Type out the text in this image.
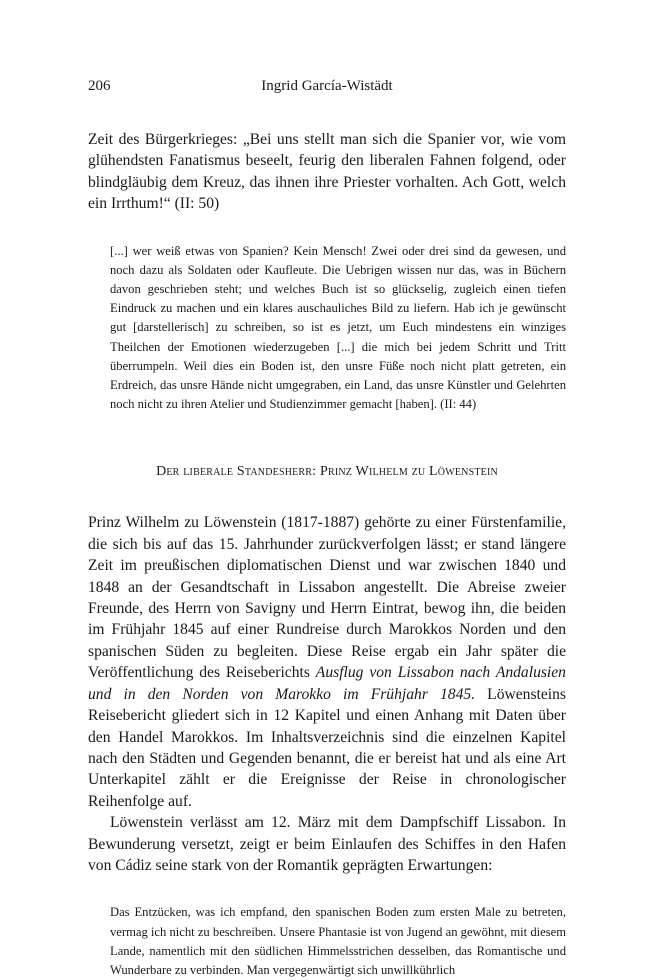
206	Ingrid García-Wistädt

Zeit des Bürgerkrieges: „Bei uns stellt man sich die Spanier vor, wie vom glühendsten Fanatismus beseelt, feurig den liberalen Fahnen folgend, oder blindgläubig dem Kreuz, das ihnen ihre Priester vorhalten. Ach Gott, welch ein Irrthum!“ (II: 50)

[...] wer weiß etwas von Spanien? Kein Mensch! Zwei oder drei sind da gewesen, und noch dazu als Soldaten oder Kaufleute. Die Uebrigen wissen nur das, was in Büchern davon geschrieben steht; und welches Buch ist so glückselig, zugleich einen tiefen Eindruck zu machen und ein klares auschauliches Bild zu liefern. Hab ich je gewünscht gut [darstellerisch] zu schreiben, so ist es jetzt, um Euch mindestens ein winziges Theilchen der Emotionen wiederzugeben [...] die mich bei jedem Schritt und Tritt überrumpeln. Weil dies ein Boden ist, den unsre Füße noch nicht platt getreten, ein Erdreich, das unsre Hände nicht umgegraben, ein Land, das unsre Künstler und Gelehrten noch nicht zu ihren Atelier und Studienzimmer gemacht [haben]. (II: 44)

Der liberale Standesherr: Prinz Wilhelm zu Löwenstein

Prinz Wilhelm zu Löwenstein (1817-1887) gehörte zu einer Fürstenfamilie, die sich bis auf das 15. Jahrhunder zurückverfolgen lässt; er stand längere Zeit im preußischen diplomatischen Dienst und war zwischen 1840 und 1848 an der Gesandtschaft in Lissabon angestellt. Die Abreise zweier Freunde, des Herrn von Savigny und Herrn Eintrat, bewog ihn, die beiden im Frühjahr 1845 auf einer Rundreise durch Marokkos Norden und den spanischen Süden zu begleiten. Diese Reise ergab ein Jahr später die Veröffentlichung des Reiseberichts Ausflug von Lissabon nach Andalusien und in den Norden von Marokko im Frühjahr 1845. Löwensteins Reisebericht gliedert sich in 12 Kapitel und einen Anhang mit Daten über den Handel Marokkos. Im Inhaltsverzeichnis sind die einzelnen Kapitel nach den Städten und Gegenden benannt, die er bereist hat und als eine Art Unterkapitel zählt er die Ereignisse der Reise in chronologischer Reihenfolge auf.

Löwenstein verlässt am 12. März mit dem Dampfschiff Lissabon. In Bewunderung versetzt, zeigt er beim Einlaufen des Schiffes in den Hafen von Cádiz seine stark von der Romantik geprägten Erwartungen:

Das Entzücken, was ich empfand, den spanischen Boden zum ersten Male zu betreten, vermag ich nicht zu beschreiben. Unsere Phantasie ist von Jugend an gewöhnt, mit diesem Lande, namentlich mit den südlichen Himmelsstrichen desselben, das Romantische und Wunderbare zu verbinden. Man vergegenwärtigt sich unwillkührlich
